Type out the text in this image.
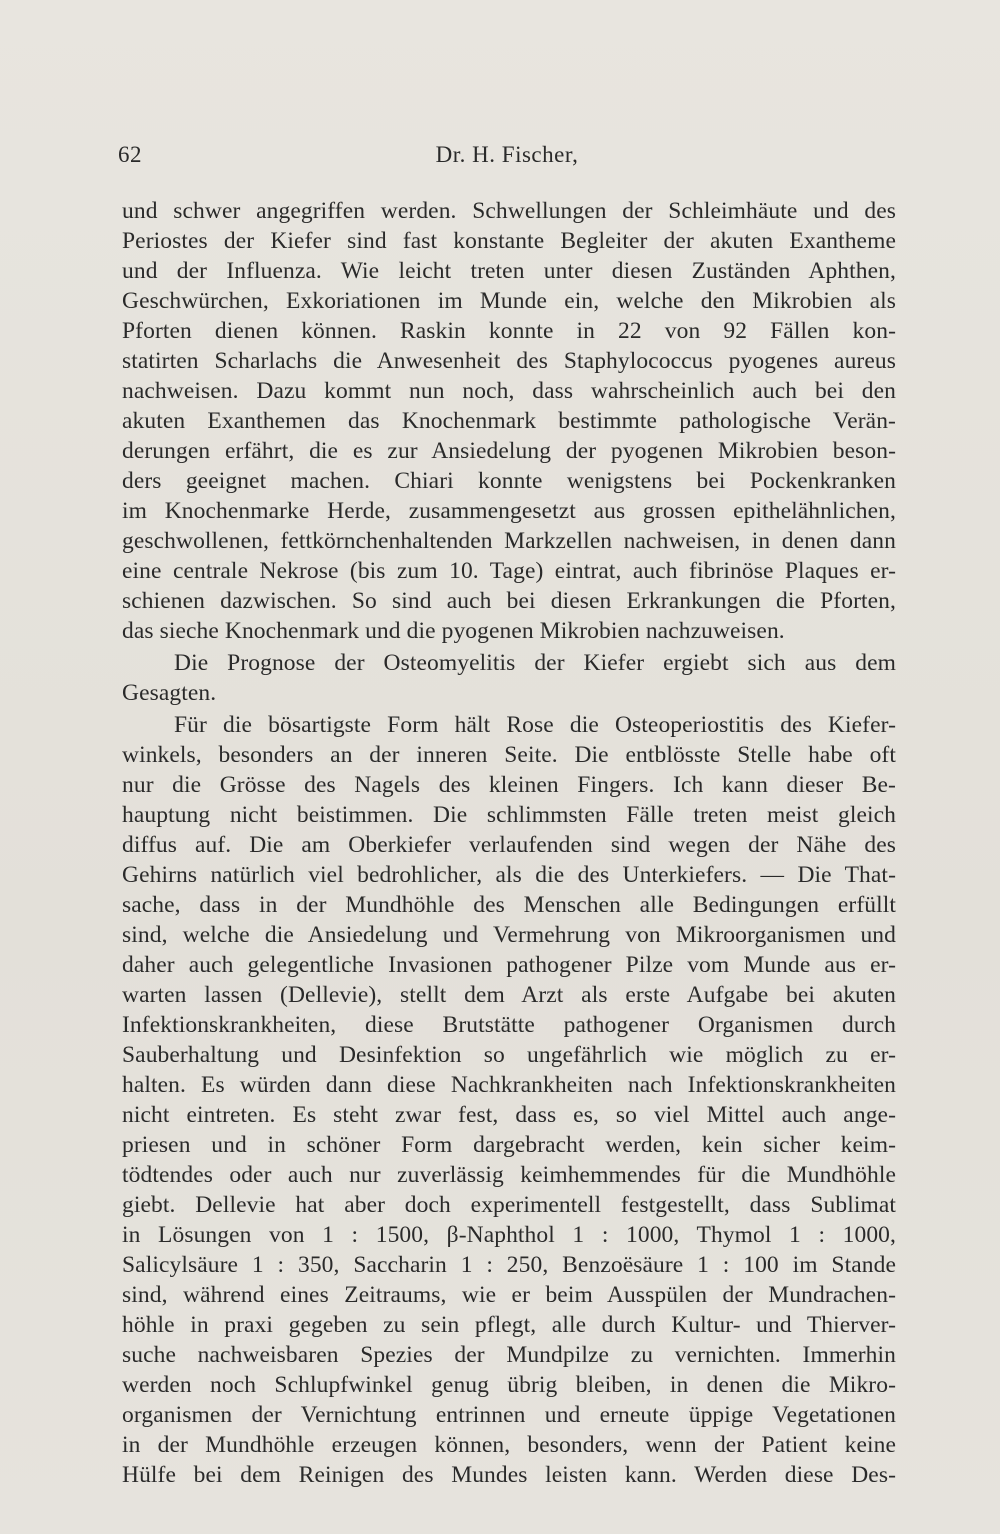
62	Dr. H. Fischer,
und schwer angegriffen werden. Schwellungen der Schleimhäute und des
Periostes der Kiefer sind fast konstante Begleiter der akuten Exantheme
und der Influenza. Wie leicht treten unter diesen Zuständen Aphthen,
Geschwürchen, Exkoriationen im Munde ein, welche den Mikrobien als
Pforten dienen können. Raskin konnte in 22 von 92 Fällen kon-
statirten Scharlachs die Anwesenheit des Staphylococcus pyogenes aureus
nachweisen. Dazu kommt nun noch, dass wahrscheinlich auch bei den
akuten Exanthemen das Knochenmark bestimmte pathologische Verän-
derungen erfährt, die es zur Ansiedelung der pyogenen Mikrobien beson-
ders geeignet machen. Chiari konnte wenigstens bei Pockenkranken
im Knochenmarke Herde, zusammengesetzt aus grossen epithelähnlichen,
geschwollenen, fettkörnchenhaltenden Markzellen nachweisen, in denen dann
eine centrale Nekrose (bis zum 10. Tage) eintrat, auch fibrinöse Plaques er-
schienen dazwischen. So sind auch bei diesen Erkrankungen die Pforten,
das sieche Knochenmark und die pyogenen Mikrobien nachzuweisen.
Die Prognose der Osteomyelitis der Kiefer ergiebt sich aus dem
Gesagten.
Für die bösartigste Form hält Rose die Osteoperiostitis des Kiefer-
winkels, besonders an der inneren Seite. Die entblösste Stelle habe oft
nur die Grösse des Nagels des kleinen Fingers. Ich kann dieser Be-
hauptung nicht beistimmen. Die schlimmsten Fälle treten meist gleich
diffus auf. Die am Oberkiefer verlaufenden sind wegen der Nähe des
Gehirns natürlich viel bedrohlicher, als die des Unterkiefers. — Die That-
sache, dass in der Mundhöhle des Menschen alle Bedingungen erfüllt
sind, welche die Ansiedelung und Vermehrung von Mikroorganismen und
daher auch gelegentliche Invasionen pathogener Pilze vom Munde aus er-
warten lassen (Dellevie), stellt dem Arzt als erste Aufgabe bei akuten
Infektionskrankheiten, diese Brutstätte pathogener Organismen durch
Sauberhaltung und Desinfektion so ungefährlich wie möglich zu er-
halten. Es würden dann diese Nachkrankheiten nach Infektionskrankheiten
nicht eintreten. Es steht zwar fest, dass es, so viel Mittel auch ange-
priesen und in schöner Form dargebracht werden, kein sicher keim-
tödtendes oder auch nur zuverlässig keimhemmendes für die Mundhöhle
giebt. Dellevie hat aber doch experimentell festgestellt, dass Sublimat
in Lösungen von 1 : 1500, β-Naphthol 1 : 1000, Thymol 1 : 1000,
Salicylsäure 1 : 350, Saccharin 1 : 250, Benzoësäure 1 : 100 im Stande
sind, während eines Zeitraums, wie er beim Ausspülen der Mundrachen-
höhle in praxi gegeben zu sein pflegt, alle durch Kultur- und Thierver-
suche nachweisbaren Spezies der Mundpilze zu vernichten. Immerhin
werden noch Schlupfwinkel genug übrig bleiben, in denen die Mikro-
organismen der Vernichtung entrinnen und erneute üppige Vegetationen
in der Mundhöhle erzeugen können, besonders, wenn der Patient keine
Hülfe bei dem Reinigen des Mundes leisten kann. Werden diese Des-
